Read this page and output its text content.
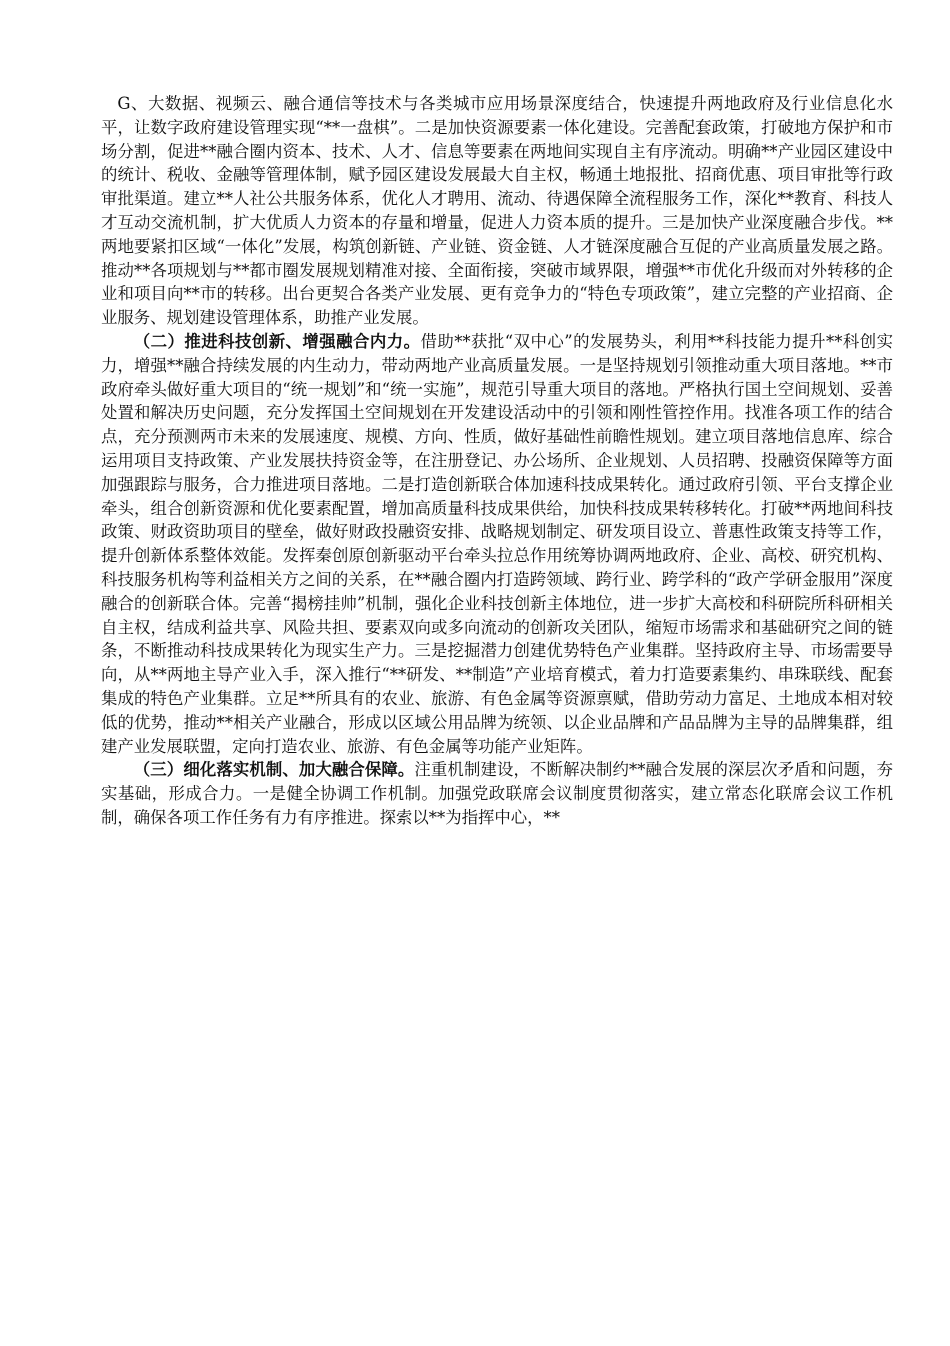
G、大数据、视频云、融合通信等技术与各类城市应用场景深度结合，快速提升两地政府及行业信息化水平，让数字政府建设管理实现“**一盘棋”。二是加快资源要素一体化建设。完善配套政策，打破地方保护和市场分割，促进**融合圈内资本、技术、人才、信息等要素在两地间实现自主有序流动。明确**产业园区建设中的统计、税收、金融等管理体制，赋予园区建设发展最大自主权，畅通土地报批、招商优惠、项目审批等行政审批渠道。建立**人社公共服务体系，优化人才聘用、流动、待遇保障全流程服务工作，深化**教育、科技人才互动交流机制，扩大优质人力资本的存量和增量，促进人力资本质的提升。三是加快产业深度融合步伐。**两地要紧扣区域“一体化”发展，构筑创新链、产业链、资金链、人才链深度融合互促的产业高质量发展之路。推动**各项规划与**都市圈发展规划精准对接、全面衔接，突破市域界限，增强**市优化升级而对外转移的企业和项目向**市的转移。出台更契合各类产业发展、更有竞争力的“特色专项政策”，建立完整的产业招商、企业服务、规划建设管理体系，助推产业发展。

（二）推进科技创新、增强融合内力。借助**获批“双中心”的发展势头，利用**科技能力提升**科创实力，增强**融合持续发展的内生动力，带动两地产业高质量发展。一是坚持规划引领推动重大项目落地。**市政府牵头做好重大项目的“统一规划”和“统一实施”，规范引导重大项目的落地。严格执行国土空间规划、妥善处置和解决历史问题，充分发挥国土空间规划在开发建设活动中的引领和刚性管控作用。找准各项工作的结合点，充分预测两市未来的发展速度、规模、方向、性质，做好基础性前瞻性规划。建立项目落地信息库、综合运用项目支持政策、产业发展扶持资金等，在注册登记、办公场所、企业规划、人员招聘、投融资保障等方面加强跟踪与服务，合力推进项目落地。二是打造创新联合体加速科技成果转化。通过政府引领、平台支撑企业牵头，组合创新资源和优化要素配置，增加高质量科技成果供给，加快科技成果转移转化。打破**两地间科技政策、财政资助项目的壁垒，做好财政投融资安排、战略规划制定、研发项目设立、普惠性政策支持等工作，提升创新体系整体效能。发挥秦创原创新驱动平台牵头拉总作用统筹协调两地政府、企业、高校、研究机构、科技服务机构等利益相关方之间的关系，在**融合圈内打造跨领域、跨行业、跨学科的“政产学研金服用”深度融合的创新联合体。完善“揭榜挂帅”机制，强化企业科技创新主体地位，进一步扩大高校和科研院所科研相关自主权，结成利益共享、风险共担、要素双向或多向流动的创新攻关团队，缩短市场需求和基础研究之间的链条，不断推动科技成果转化为现实生产力。三是挖掘潜力创建优势特色产业集群。坚持政府主导、市场需要导向，从**两地主导产业入手，深入推行“**研发、**制造”产业培育模式，着力打造要素集约、串珠联线、配套集成的特色产业集群。立足**所具有的农业、旅游、有色金属等资源禀赋，借助劳动力富足、土地成本相对较低的优势，推动**相关产业融合，形成以区域公用品牌为统领、以企业品牌和产品品牌为主导的品牌集群，组建产业发展联盟，定向打造农业、旅游、有色金属等功能产业矩阵。

（三）细化落实机制、加大融合保障。注重机制建设，不断解决制约**融合发展的深层次矛盾和问题，夯实基础，形成合力。一是健全协调工作机制。加强党政联席会议制度贯彻落实，建立常态化联席会议工作机制，确保各项工作任务有力有序推进。探索以**为指挥中心，**
